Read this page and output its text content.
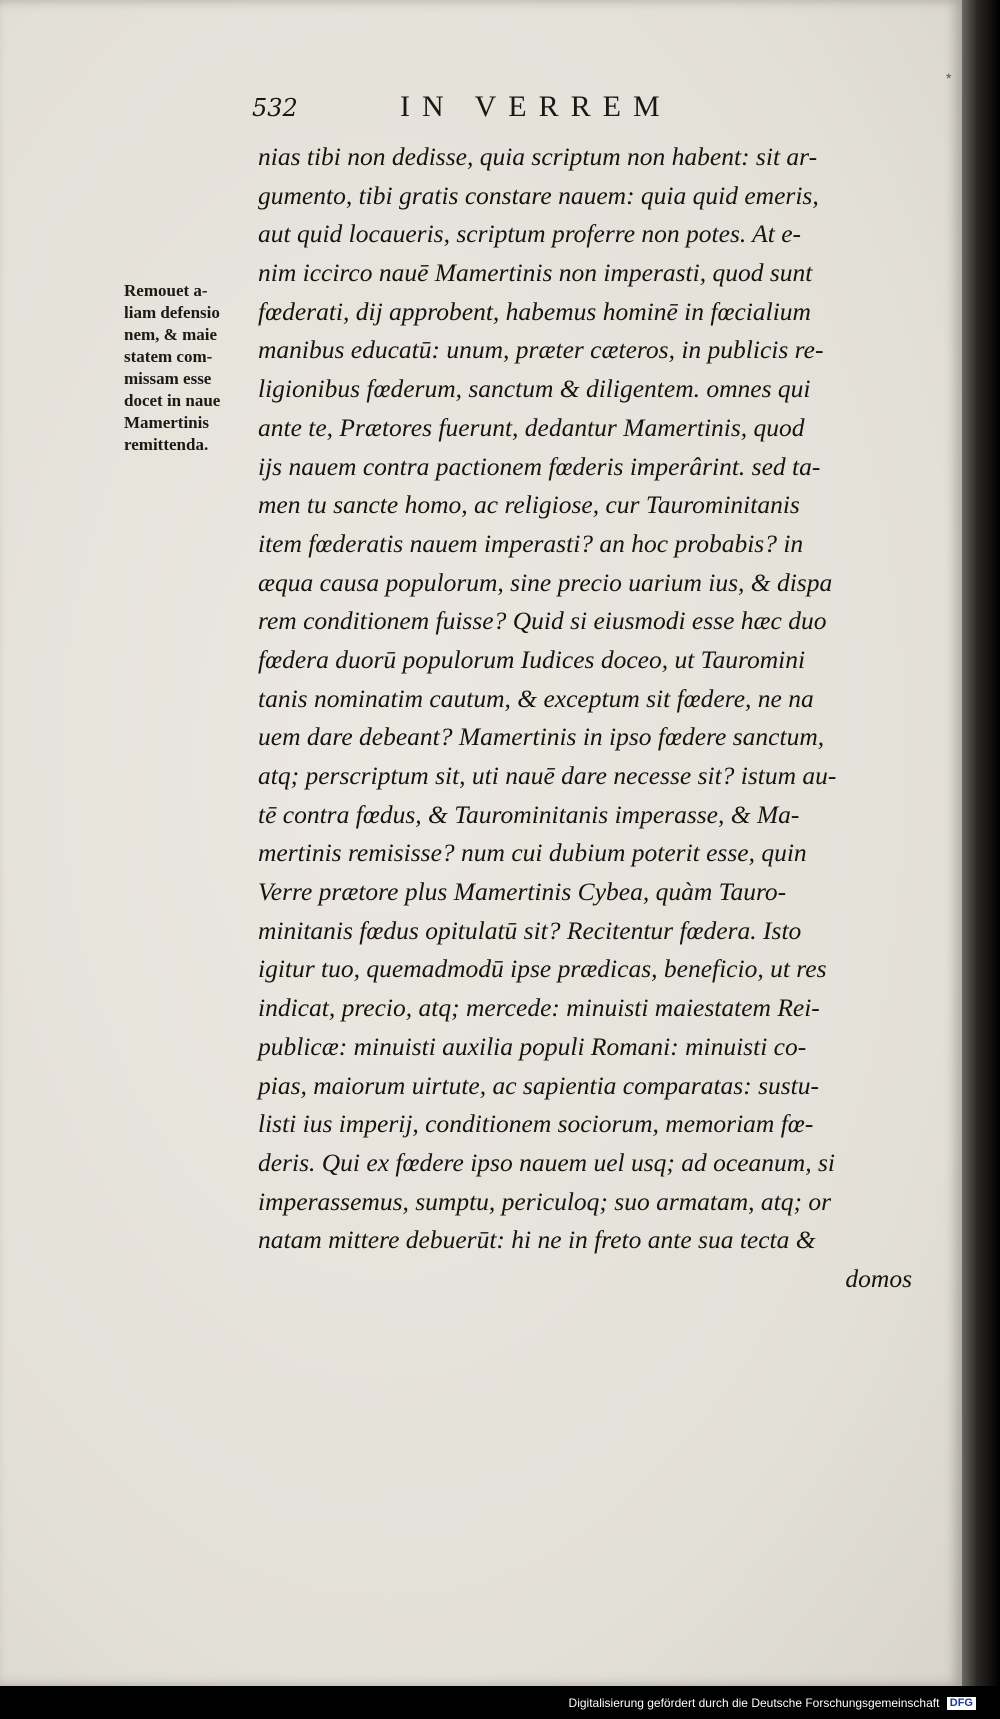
532	IN VERREM
*
Remouet a-
liam defensio
nem, & maie
statem com-
missam esse
docet in naue
Mamertinis
remittenda.
nias tibi non dedisse, quia scriptum non habent: sit ar-
gumento, tibi gratis constare nauem: quia quid emeris,
aut quid locaueris, scriptum proferre non potes. At e-
nim iccirco nauē Mamertinis non imperasti, quod sunt
fœderati, dij approbent, habemus hominē in fœcialium
manibus educatū: unum, præter cæteros, in publicis re-
ligionibus fœderum, sanctum & diligentem. omnes qui
ante te, Prætores fuerunt, dedantur Mamertinis, quod
ijs nauem contra pactionem fœderis imperârint. sed ta-
men tu sancte homo, ac religiose, cur Taurominitanis
item fœderatis nauem imperasti? an hoc probabis? in
æqua causa populorum, sine precio uarium ius, & dispa
rem conditionem fuisse? Quid si eiusmodi esse hæc duo
fœdera duorū populorum Iudices doceo, ut Tauromini
tanis nominatim cautum, & exceptum sit fœdere, ne na
uem dare debeant? Mamertinis in ipso fœdere sanctum,
atq; perscriptum sit, uti nauē dare necesse sit? istum au-
tē contra fœdus, & Taurominitanis imperasse, & Ma-
mertinis remisisse? num cui dubium poterit esse, quin
Verre prætore plus Mamertinis Cybea, quàm Tauro-
minitanis fœdus opitulatū sit? Recitentur fœdera. Isto
igitur tuo, quemadmodū ipse prædicas, beneficio, ut res
indicat, precio, atq; mercede: minuisti maiestatem Rei-
publicæ: minuisti auxilia populi Romani: minuisti co-
pias, maiorum uirtute, ac sapientia comparatas: sustu-
listi ius imperij, conditionem sociorum, memoriam fœ-
deris. Qui ex fœdere ipso nauem uel usq; ad oceanum, si
imperassemus, sumptu, periculoq; suo armatam, atq; or
natam mittere debuerūt: hi ne in freto ante sua tecta &
domos
Digitalisierung gefördert durch die Deutsche Forschungsgemeinschaft DFG
